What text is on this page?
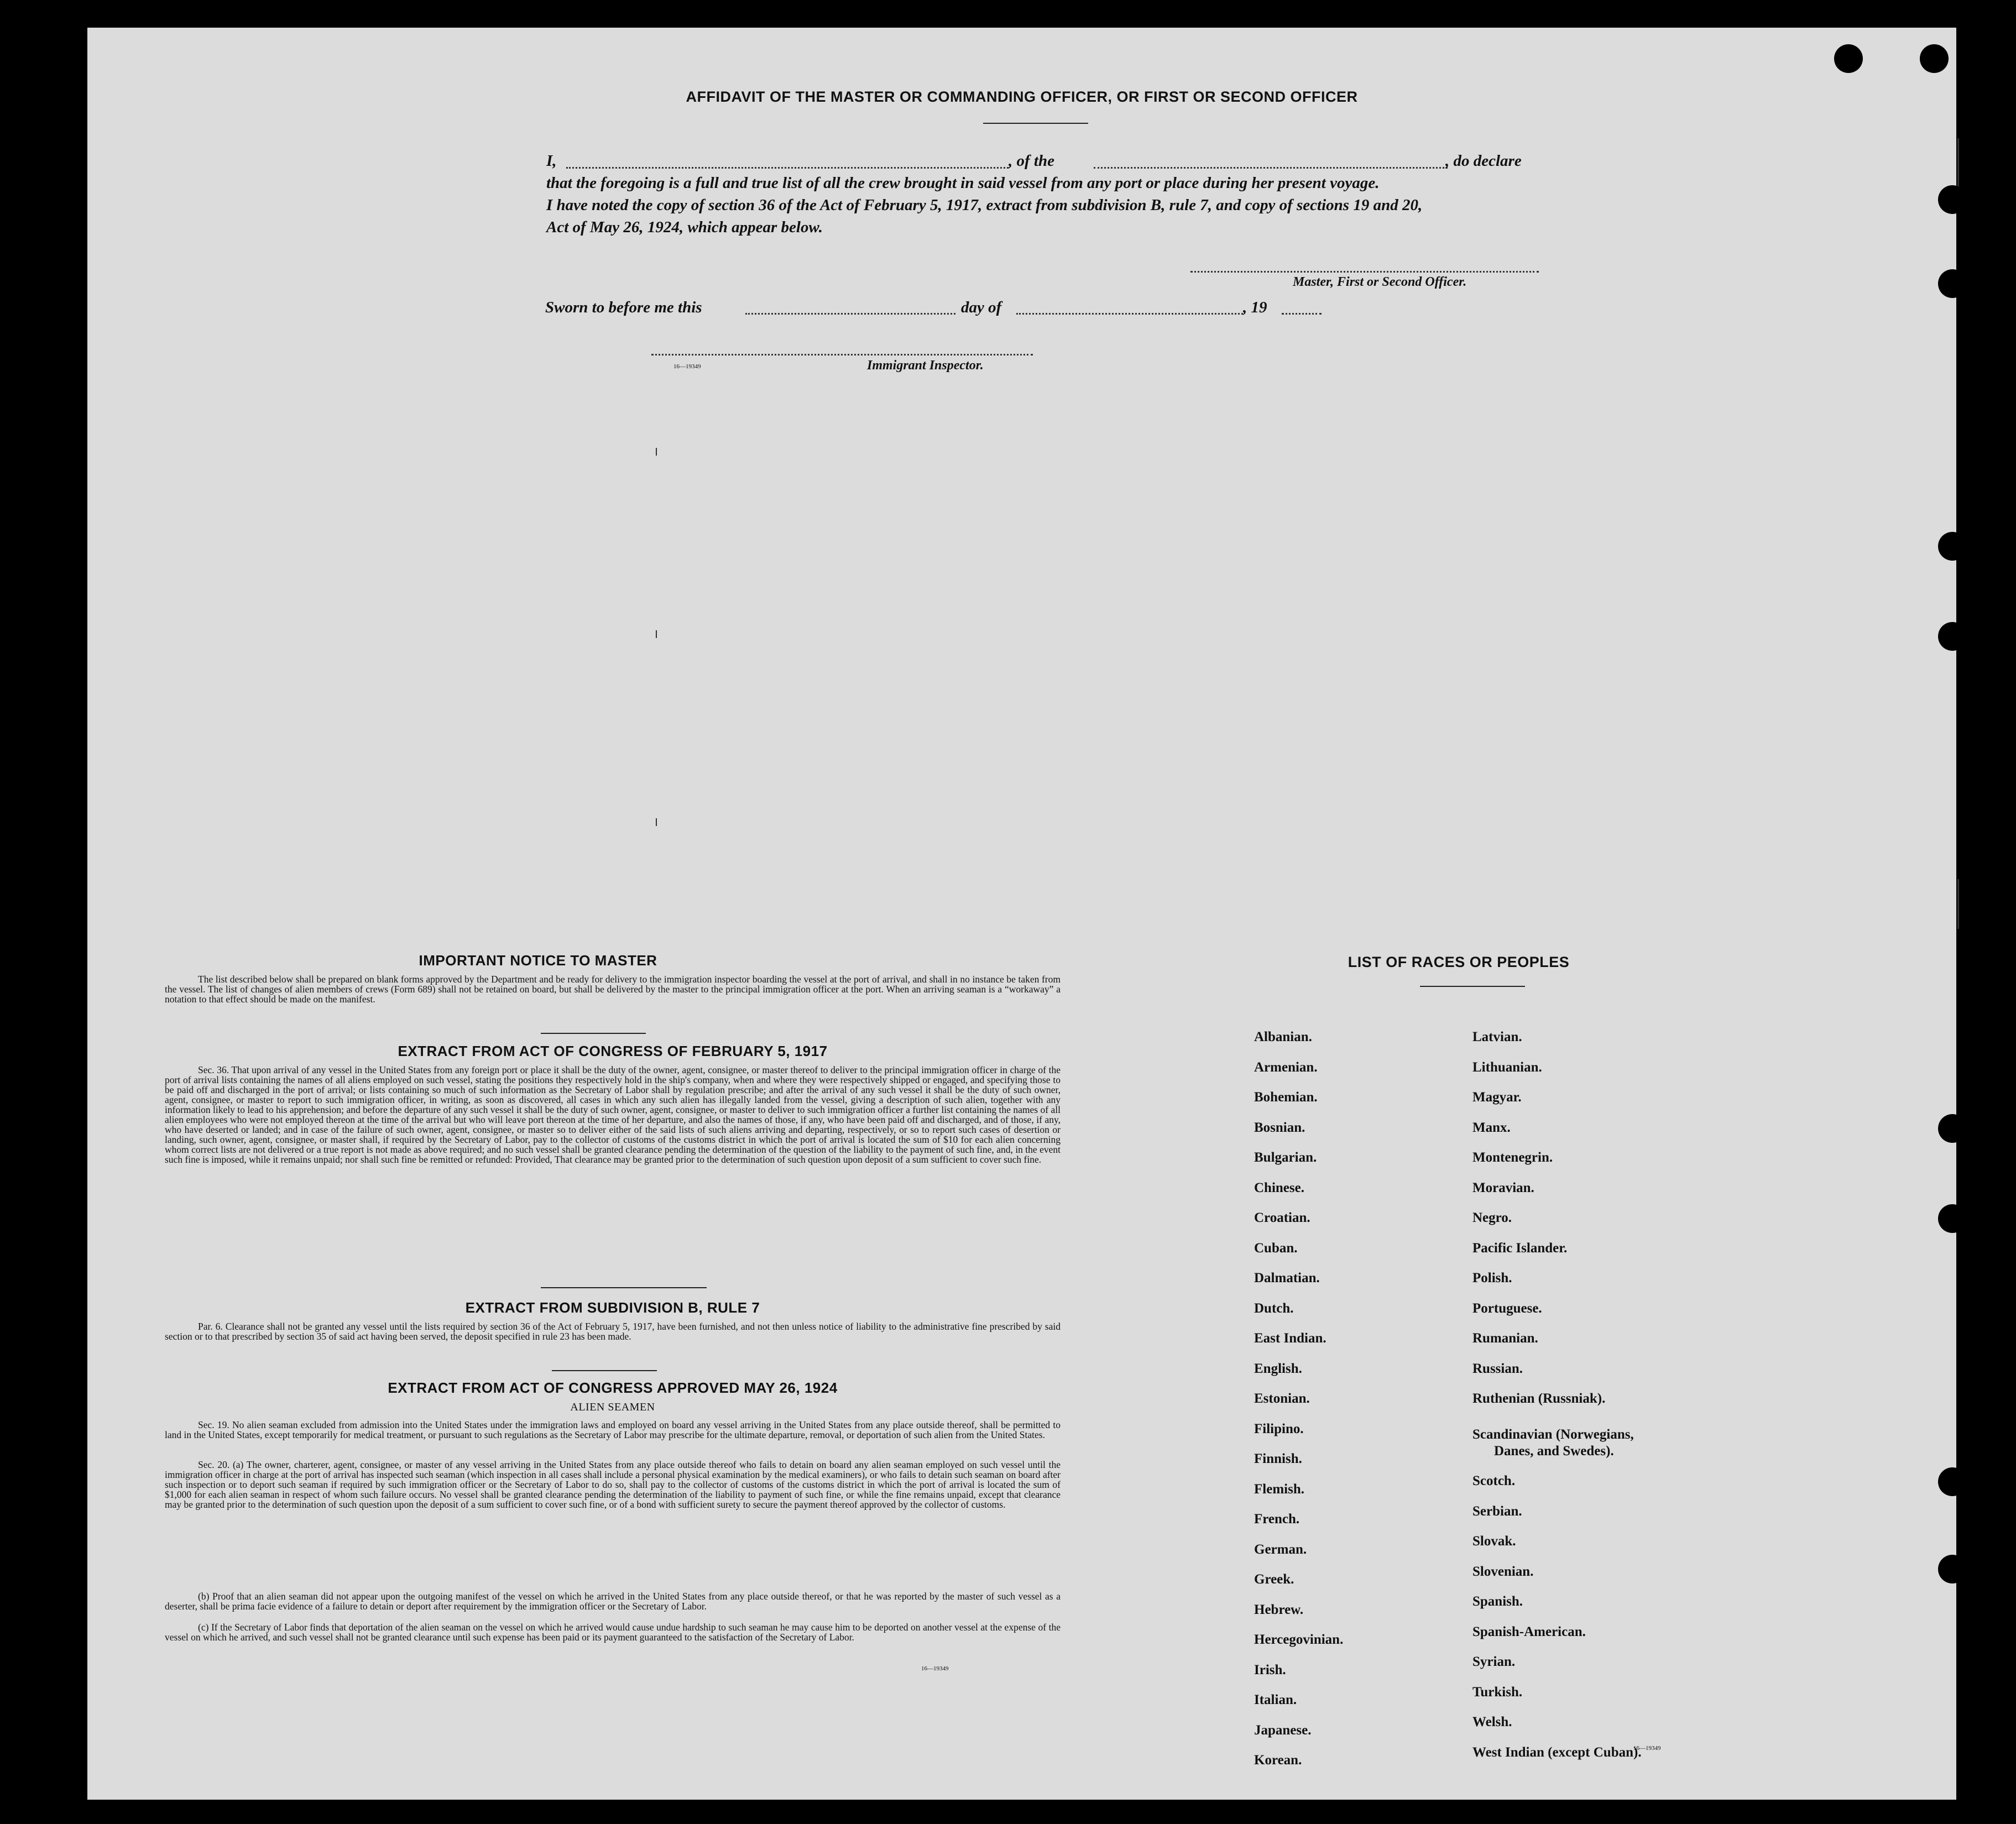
AFFIDAVIT OF THE MASTER OR COMMANDING OFFICER, OR FIRST OR SECOND OFFICER
I,	, of the	, do declare
that the foregoing is a full and true list of all the crew brought in said vessel from any port or place during her present voyage.
I have noted the copy of section 36 of the Act of February 5, 1917, extract from subdivision B, rule 7, and copy of sections 19 and 20,
Act of May 26, 1924, which appear below.
Master, First or Second Officer.
Sworn to before me this	day of	, 19
16—19349	Immigrant Inspector.
IMPORTANT NOTICE TO MASTER
The list described below shall be prepared on blank forms approved by the Department and be ready for delivery to the immigration inspector boarding the vessel at the port of arrival, and shall in no instance be taken from the vessel. The list of changes of alien members of crews (Form 689) shall not be retained on board, but shall be delivered by the master to the principal immigration officer at the port. When an arriving seaman is a “workaway” a notation to that effect should be made on the manifest.
EXTRACT FROM ACT OF CONGRESS OF FEBRUARY 5, 1917
Sec. 36. That upon arrival of any vessel in the United States from any foreign port or place it shall be the duty of the owner, agent, consignee, or master thereof to deliver to the principal immigration officer in charge of the port of arrival lists containing the names of all aliens employed on such vessel, stating the positions they respectively hold in the ship's company, when and where they were respectively shipped or engaged, and specifying those to be paid off and discharged in the port of arrival; or lists containing so much of such information as the Secretary of Labor shall by regulation prescribe; and after the arrival of any such vessel it shall be the duty of such owner, agent, consignee, or master to report to such immigration officer, in writing, as soon as discovered, all cases in which any such alien has illegally landed from the vessel, giving a description of such alien, together with any information likely to lead to his apprehension; and before the departure of any such vessel it shall be the duty of such owner, agent, consignee, or master to deliver to such immigration officer a further list containing the names of all alien employees who were not employed thereon at the time of the arrival but who will leave port thereon at the time of her departure, and also the names of those, if any, who have been paid off and discharged, and of those, if any, who have deserted or landed; and in case of the failure of such owner, agent, consignee, or master so to deliver either of the said lists of such aliens arriving and departing, respectively, or so to report such cases of desertion or landing, such owner, agent, consignee, or master shall, if required by the Secretary of Labor, pay to the collector of customs of the customs district in which the port of arrival is located the sum of $10 for each alien concerning whom correct lists are not delivered or a true report is not made as above required; and no such vessel shall be granted clearance pending the determination of the question of the liability to the payment of such fine, and, in the event such fine is imposed, while it remains unpaid; nor shall such fine be remitted or refunded: Provided, That clearance may be granted prior to the determination of such question upon deposit of a sum sufficient to cover such fine.
EXTRACT FROM SUBDIVISION B, RULE 7
Par. 6. Clearance shall not be granted any vessel until the lists required by section 36 of the Act of February 5, 1917, have been furnished, and not then unless notice of liability to the administrative fine prescribed by said section or to that prescribed by section 35 of said act having been served, the deposit specified in rule 23 has been made.
EXTRACT FROM ACT OF CONGRESS APPROVED MAY 26, 1924
ALIEN SEAMEN
Sec. 19. No alien seaman excluded from admission into the United States under the immigration laws and employed on board any vessel arriving in the United States from any place outside thereof, shall be permitted to land in the United States, except temporarily for medical treatment, or pursuant to such regulations as the Secretary of Labor may prescribe for the ultimate departure, removal, or deportation of such alien from the United States.
Sec. 20. (a) The owner, charterer, agent, consignee, or master of any vessel arriving in the United States from any place outside thereof who fails to detain on board any alien seaman employed on such vessel until the immigration officer in charge at the port of arrival has inspected such seaman (which inspection in all cases shall include a personal physical examination by the medical examiners), or who fails to detain such seaman on board after such inspection or to deport such seaman if required by such immigration officer or the Secretary of Labor to do so, shall pay to the collector of customs of the customs district in which the port of arrival is located the sum of $1,000 for each alien seaman in respect of whom such failure occurs. No vessel shall be granted clearance pending the determination of the liability to payment of such fine, or while the fine remains unpaid, except that clearance may be granted prior to the determination of such question upon the deposit of a sum sufficient to cover such fine, or of a bond with sufficient surety to secure the payment thereof approved by the collector of customs.
(b) Proof that an alien seaman did not appear upon the outgoing manifest of the vessel on which he arrived in the United States from any place outside thereof, or that he was reported by the master of such vessel as a deserter, shall be prima facie evidence of a failure to detain or deport after requirement by the immigration officer or the Secretary of Labor.
(c) If the Secretary of Labor finds that deportation of the alien seaman on the vessel on which he arrived would cause undue hardship to such seaman he may cause him to be deported on another vessel at the expense of the vessel on which he arrived, and such vessel shall not be granted clearance until such expense has been paid or its payment guaranteed to the satisfaction of the Secretary of Labor.
16—19349
LIST OF RACES OR PEOPLES
16—19349
Albanian.
Armenian.
Bohemian.
Bosnian.
Bulgarian.
Chinese.
Croatian.
Cuban.
Dalmatian.
Dutch.
East Indian.
English.
Estonian.
Filipino.
Finnish.
Flemish.
French.
German.
Greek.
Hebrew.
Hercegovinian.
Irish.
Italian.
Japanese.
Korean.
Latvian.
Lithuanian.
Magyar.
Manx.
Montenegrin.
Moravian.
Negro.
Pacific Islander.
Polish.
Portuguese.
Rumanian.
Russian.
Ruthenian (Russniak).
Scandinavian (Norwegians,
Danes, and Swedes).
Scotch.
Serbian.
Slovak.
Slovenian.
Spanish.
Spanish-American.
Syrian.
Turkish.
Welsh.
West Indian (except Cuban).
